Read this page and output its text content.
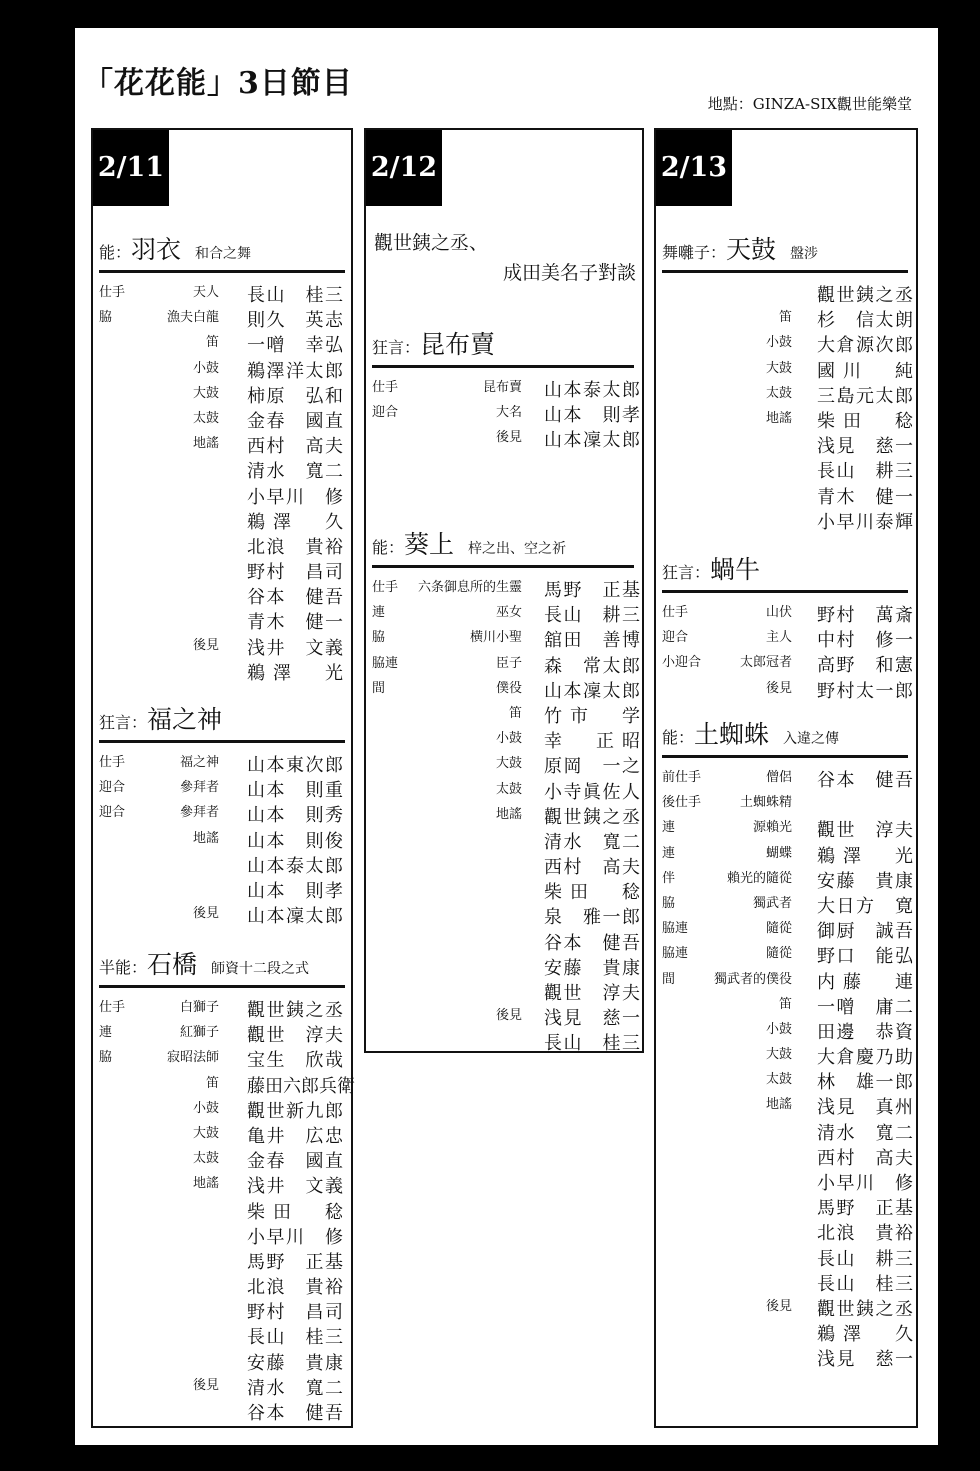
「花花能」3日節目
地點：GINZA-SIX觀世能樂堂
2/11
能： 羽衣 和合之舞
仕手	天人 長山　桂三
脇	漁夫白龍 則久　英志
笛 一噌　幸弘
小鼓 鵜澤洋太郎
大鼓 柿原　弘和
太鼓 金春　國直
地謠 西村　高夫
清水　寬二
小早川　修
鵜澤　久
北浪　貴裕
野村　昌司
谷本　健吾
青木　健一
後見 浅井　文義
鵜澤　光
狂言： 福之神
仕手	福之神 山本東次郎
迎合	參拜者 山本　則重
迎合	參拜者 山本　則秀
地謠 山本　則俊
山本泰太郎
山本　則孝
後見 山本凜太郎
半能： 石橋 師資十二段之式
仕手	白獅子 觀世銕之丞
連	紅獅子 觀世　淳夫
脇	寂昭法師 宝生　欣哉
笛 藤田六郎兵衛
小鼓 觀世新九郎
大鼓 亀井　広忠
太鼓 金春　國直
地謠 浅井　文義
柴田　稔
小早川　修
馬野　正基
北浪　貴裕
野村　昌司
長山　桂三
安藤　貴康
後見 清水　寬二
谷本　健吾
2/12
觀世銕之丞、
成田美名子對談
狂言： 昆布賣
仕手	昆布賣 山本泰太郎
迎合	大名 山本　則孝
後見 山本凜太郎
能： 葵上 梓之出、空之祈
仕手 六条御息所的生靈 馬野　正基
連	巫女 長山　耕三
脇	横川小聖 舘田　善博
脇連	臣子 森　常太郎
間	僕役 山本凜太郎
笛 竹市　学
小鼓 幸　正昭
大鼓 原岡　一之
太鼓 小寺眞佐人
地謠 觀世銕之丞
清水　寬二
西村　高夫
柴田　稔
泉　雅一郎
谷本　健吾
安藤　貴康
觀世　淳夫
後見 浅見　慈一
長山　桂三
2/13
舞囃子： 天鼓 盤涉
觀世銕之丞
笛 杉　信太朗
小鼓 大倉源次郎
大鼓 國川　純
太鼓 三島元太郎
地謠 柴田　稔
浅見　慈一
長山　耕三
青木　健一
小早川泰輝
狂言： 蝸牛
仕手	山伏 野村　萬斎
迎合	主人 中村　修一
小迎合	太郎冠者 高野　和憲
後見 野村太一郎
能： 土蜘蛛 入違之傳
前仕手	僧侶 谷本　健吾
後仕手	土蜘蛛精
連	源賴光 觀世　淳夫
連	蝴蝶 鵜澤　光
伴	賴光的隨從 安藤　貴康
脇	獨武者 大日方　寛
脇連	隨從 御厨　誠吾
脇連	隨從 野口　能弘
間	獨武者的僕役 内藤　連
笛 一噌　庸二
小鼓 田邊　恭資
大鼓 大倉慶乃助
太鼓 林　雄一郎
地謠 浅見　真州
清水　寬二
西村　高夫
小早川　修
馬野　正基
北浪　貴裕
長山　耕三
長山　桂三
後見 觀世銕之丞
鵜澤　久
浅見　慈一
